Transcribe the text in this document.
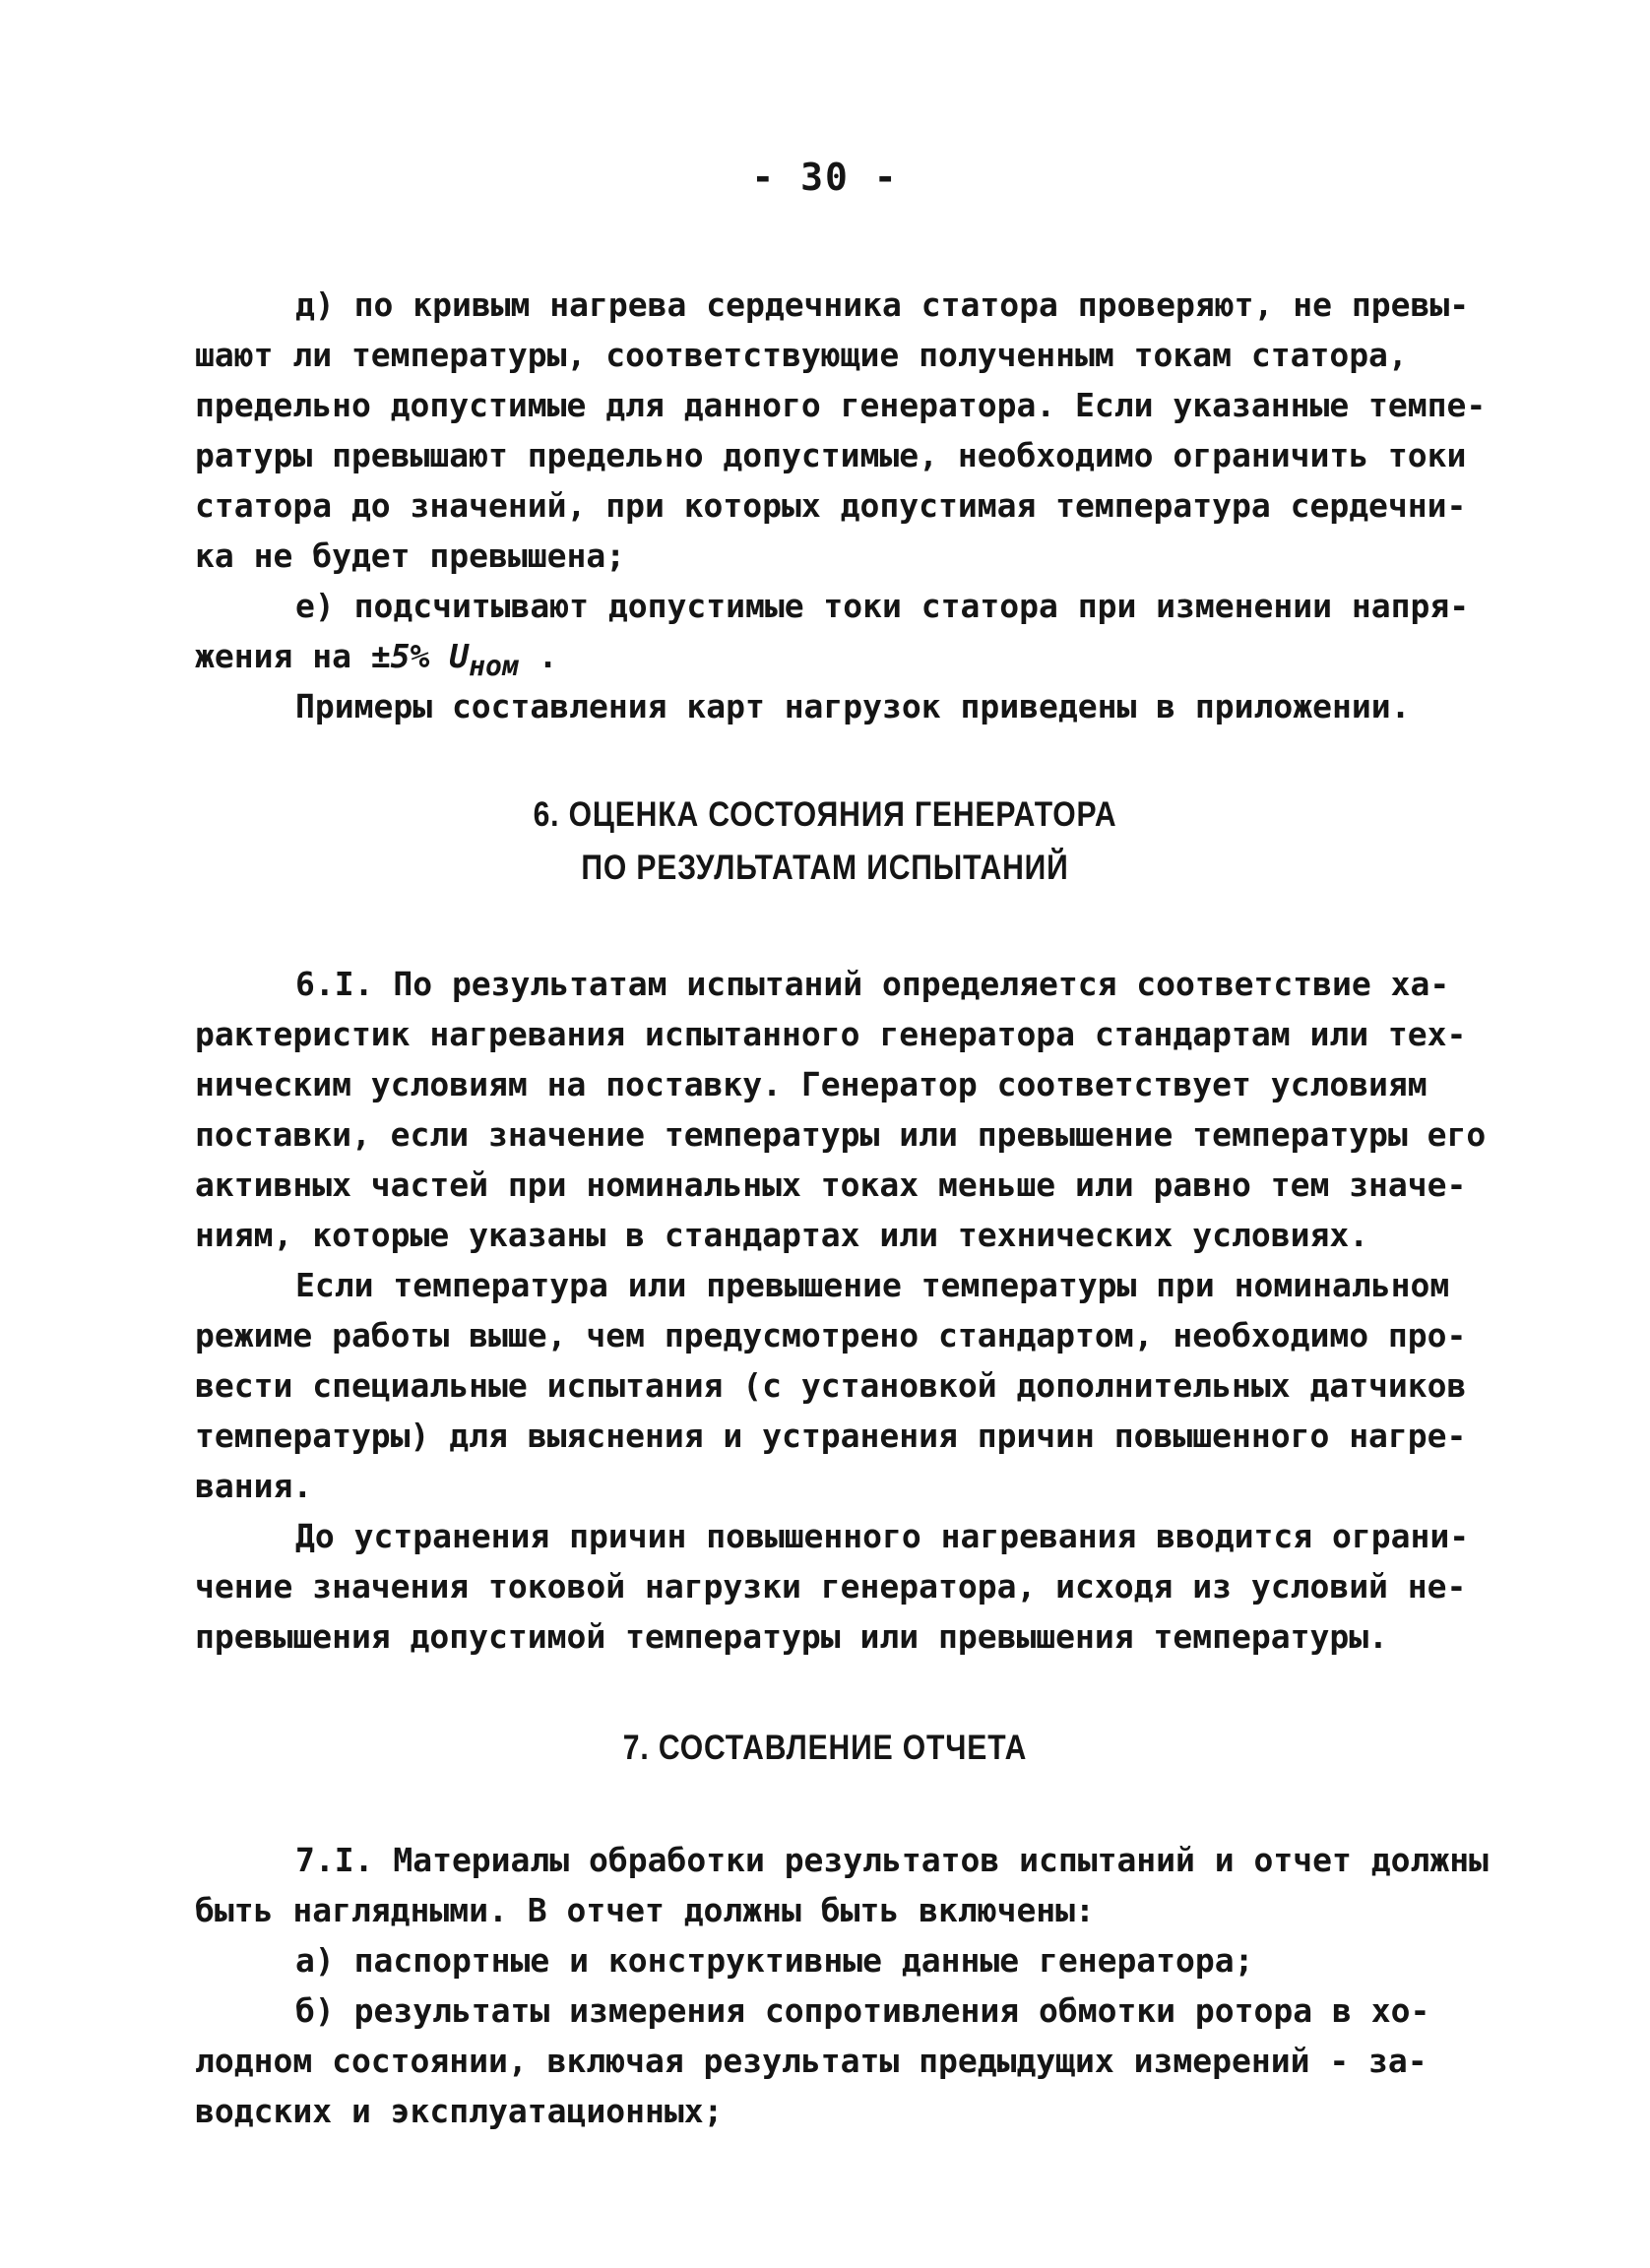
- 30 -
д) по кривым нагрева сердечника статора проверяют, не превы-
шают ли температуры, соответствующие полученным токам статора,
предельно допустимые для данного генератора. Если указанные темпе-
ратуры превышают предельно допустимые, необходимо ограничить токи
статора до значений, при которых допустимая температура сердечни-
ка не будет превышена;
е) подсчитывают допустимые токи статора при изменении напря-
жения на ±5% $U_{ном}$ .
Примеры составления карт нагрузок приведены в приложении.
6. ОЦЕНКА СОСТОЯНИЯ ГЕНЕРАТОРА
ПО РЕЗУЛЬТАТАМ ИСПЫТАНИЙ
6.I. По результатам испытаний определяется соответствие ха-
рактеристик нагревания испытанного генератора стандартам или тех-
ническим условиям на поставку. Генератор соответствует условиям
поставки, если значение температуры или превышение температуры его
активных частей при номинальных токах меньше или равно тем значе-
ниям, которые указаны в стандартах или технических условиях.
Если температура или превышение температуры при номинальном
режиме работы выше, чем предусмотрено стандартом, необходимо про-
вести специальные испытания (с установкой дополнительных датчиков
температуры) для выяснения и устранения причин повышенного нагре-
вания.
До устранения причин повышенного нагревания вводится ограни-
чение значения токовой нагрузки генератора, исходя из условий не-
превышения допустимой температуры или превышения температуры.
7. СОСТАВЛЕНИЕ ОТЧЕТА
7.I. Материалы обработки результатов испытаний и отчет должны
быть наглядными. В отчет должны быть включены:
а) паспортные и конструктивные данные генератора;
б) результаты измерения сопротивления обмотки ротора в хо-
лодном состоянии, включая результаты предыдущих измерений - за-
водских и эксплуатационных;
